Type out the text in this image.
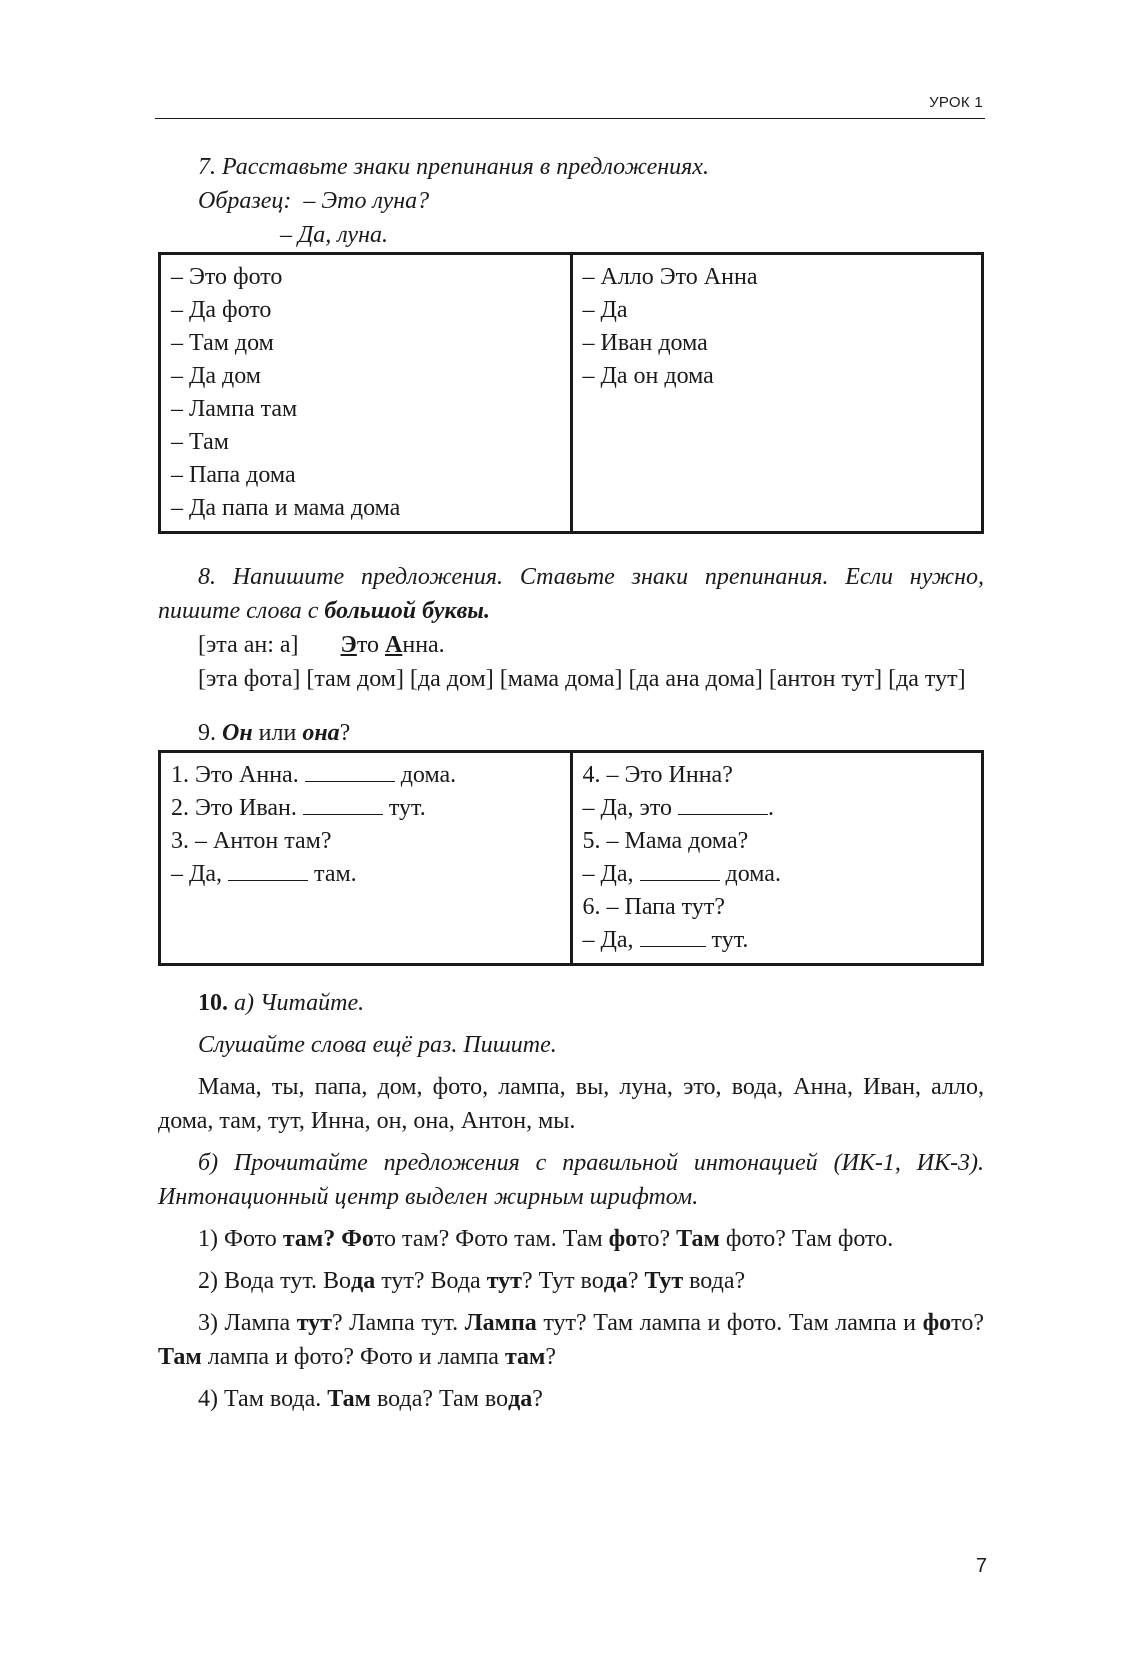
УРОК 1

7. Расставьте знаки препинания в предложениях.

Образец: – Это луна?

– Да, луна.

– Это фото
– Да фото
– Там дом
– Да дом
– Лампа там
– Там
– Папа дома
– Да папа и мама дома

– Алло Это Анна
– Да
– Иван дома
– Да он дома

8. Напишите предложения. Ставьте знаки препинания. Если нужно, пишите слова с большой буквы.

[эта ан: а] Это Анна.

[эта фота] [там дом] [да дом] [мама дома] [да ана дома] [антон тут] [да тут]

9. Он или она?

1. Это Анна.	дома.
2. Это Иван.	тут.
3. – Антон там?
– Да,	там.

4. – Это Инна?
– Да, это	.
5. – Мама дома?
– Да,	дома.
6. – Папа тут?
– Да,	тут.

10. а) Читайте.

Слушайте слова ещё раз. Пишите.

Мама, ты, папа, дом, фото, лампа, вы, луна, это, вода, Анна, Иван, алло, дома, там, тут, Инна, он, она, Антон, мы.

б) Прочитайте предложения с правильной интонацией (ИК-1, ИК-3). Интонационный центр выделен жирным шрифтом.

1) Фото там? Фото там? Фото там. Там фото? Там фото? Там фото.

2) Вода тут. Вода тут? Вода тут? Тут вода? Тут вода?

3) Лампа тут? Лампа тут. Лампа тут? Там лампа и фото. Там лампа и фото? Там лампа и фото? Фото и лампа там?

4) Там вода. Там вода? Там вода?

7
